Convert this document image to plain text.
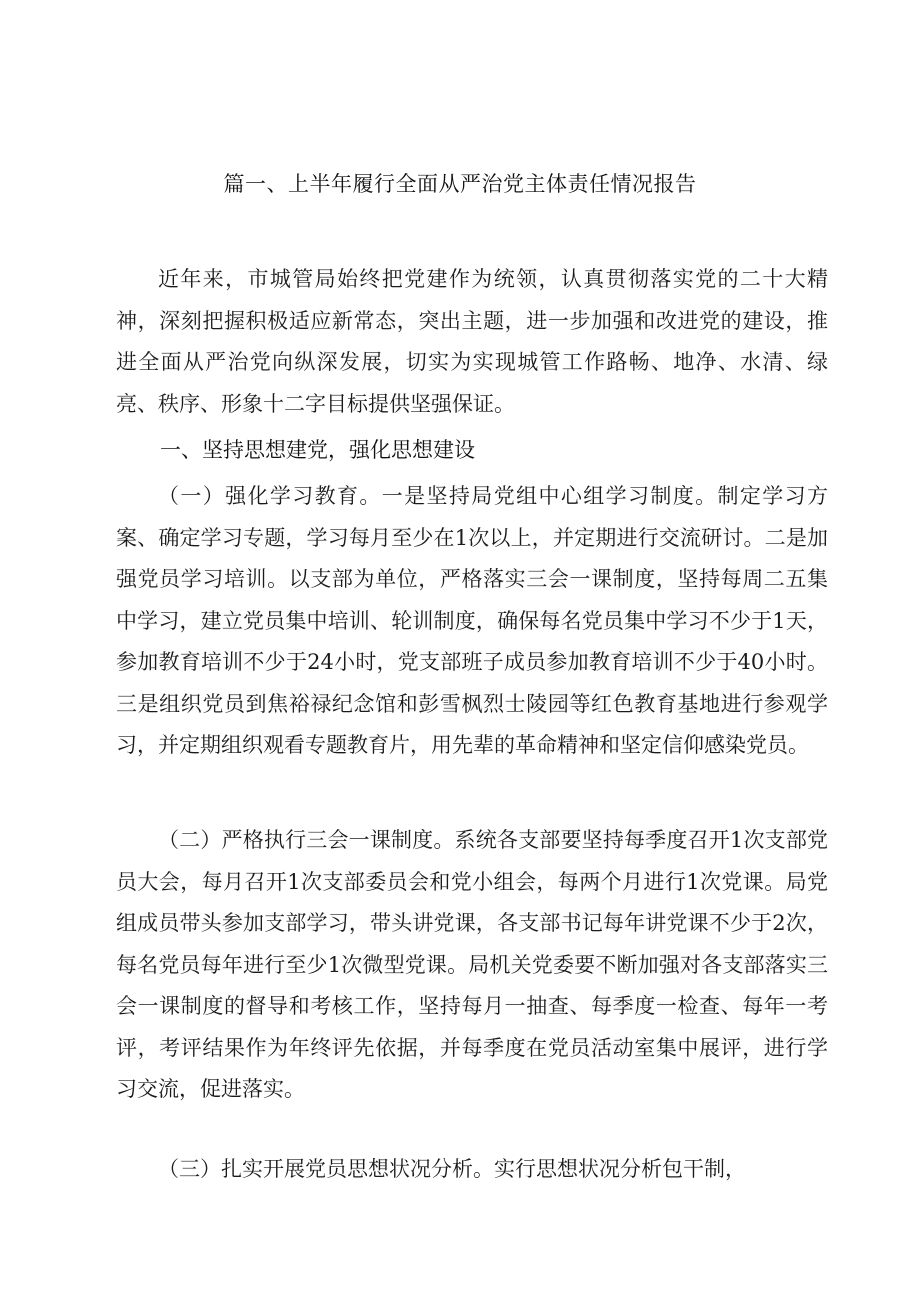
篇一、上半年履行全面从严治党主体责任情况报告

近年来，市城管局始终把党建作为统领，认真贯彻落实党的二十大精神，深刻把握积极适应新常态，突出主题，进一步加强和改进党的建设，推进全面从严治党向纵深发展，切实为实现城管工作路畅、地净、水清、绿亮、秩序、形象十二字目标提供坚强保证。

一、坚持思想建党，强化思想建设

（一）强化学习教育。一是坚持局党组中心组学习制度。制定学习方案、确定学习专题，学习每月至少在1次以上，并定期进行交流研讨。二是加强党员学习培训。以支部为单位，严格落实三会一课制度，坚持每周二五集中学习，建立党员集中培训、轮训制度，确保每名党员集中学习不少于1天，参加教育培训不少于24小时，党支部班子成员参加教育培训不少于40小时。三是组织党员到焦裕禄纪念馆和彭雪枫烈士陵园等红色教育基地进行参观学习，并定期组织观看专题教育片，用先辈的革命精神和坚定信仰感染党员。

（二）严格执行三会一课制度。系统各支部要坚持每季度召开1次支部党员大会，每月召开1次支部委员会和党小组会，每两个月进行1次党课。局党组成员带头参加支部学习，带头讲党课，各支部书记每年讲党课不少于2次，每名党员每年进行至少1次微型党课。局机关党委要不断加强对各支部落实三会一课制度的督导和考核工作，坚持每月一抽查、每季度一检查、每年一考评，考评结果作为年终评先依据，并每季度在党员活动室集中展评，进行学习交流，促进落实。

（三）扎实开展党员思想状况分析。实行思想状况分析包干制，
